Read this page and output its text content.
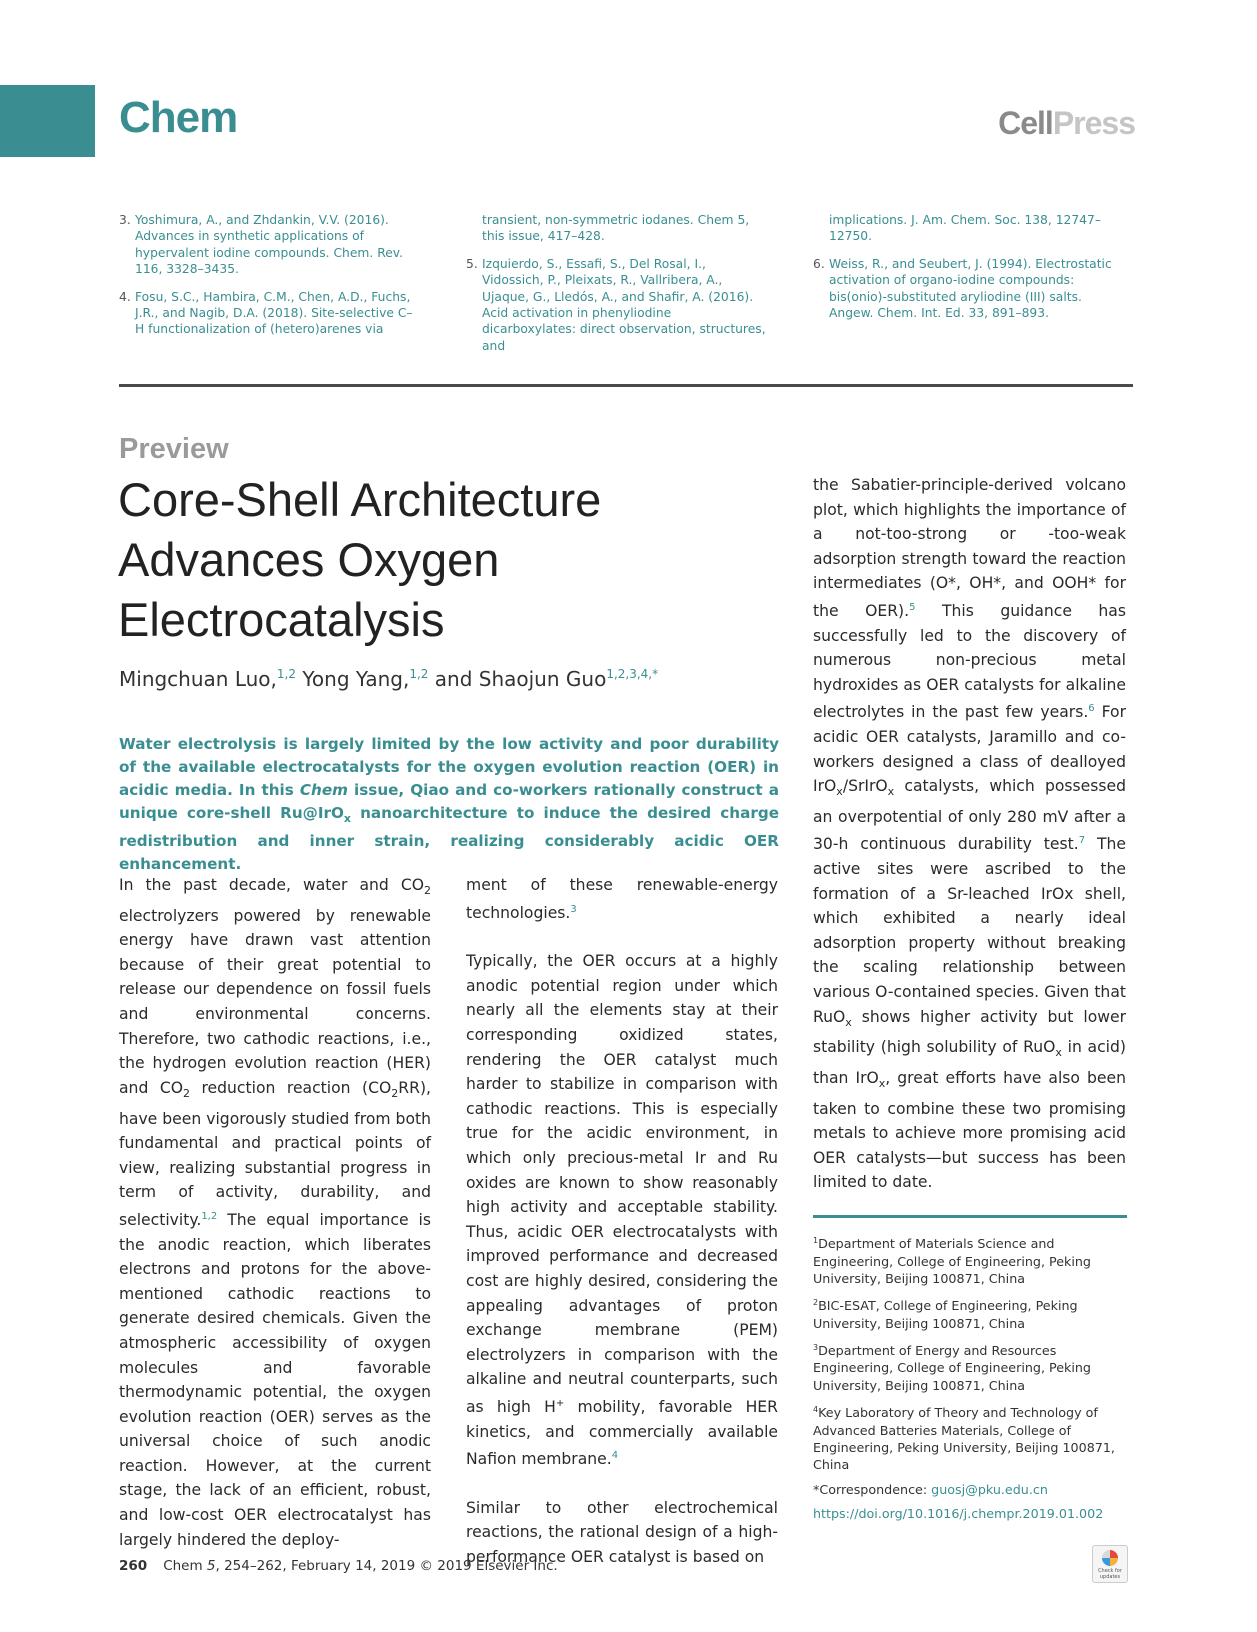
Chem	CellPress
3. Yoshimura, A., and Zhdankin, V.V. (2016). Advances in synthetic applications of hypervalent iodine compounds. Chem. Rev. 116, 3328–3435.
4. Fosu, S.C., Hambira, C.M., Chen, A.D., Fuchs, J.R., and Nagib, D.A. (2018). Site-selective C–H functionalization of (hetero)arenes via
transient, non-symmetric iodanes. Chem 5, this issue, 417–428.
5. Izquierdo, S., Essafi, S., Del Rosal, I., Vidossich, P., Pleixats, R., Vallribera, A., Ujaque, G., Lledós, A., and Shafir, A. (2016). Acid activation in phenyliodine dicarboxylates: direct observation, structures, and
implications. J. Am. Chem. Soc. 138, 12747–12750.
6. Weiss, R., and Seubert, J. (1994). Electrostatic activation of organo-iodine compounds: bis(onio)-substituted aryliodine (III) salts. Angew. Chem. Int. Ed. 33, 891–893.
Preview
Core-Shell Architecture Advances Oxygen Electrocatalysis
Mingchuan Luo,$^{1,2}$ Yong Yang,$^{1,2}$ and Shaojun Guo$^{1,2,3,4,*}$

Water electrolysis is largely limited by the low activity and poor durability of the available electrocatalysts for the oxygen evolution reaction (OER) in acidic media. In this Chem issue, Qiao and co-workers rationally construct a unique core-shell Ru@IrO$_x$ nanoarchitecture to induce the desired charge redistribution and inner strain, realizing considerably acidic OER enhancement.

In the past decade, water and $CO_2$ electrolyzers powered by renewable energy have drawn vast attention because of their great potential to release our dependence on fossil fuels and environmental concerns. Therefore, two cathodic reactions, i.e., the hydrogen evolution reaction (HER) and $CO_2$ reduction reaction $(CO_2RR)$, have been vigorously studied from both fundamental and practical points of view, realizing substantial progress in term of activity, durability, and selectivity.$^{1,2}$ The equal importance is the anodic reaction, which liberates electrons and protons for the above-mentioned cathodic reactions to generate desired chemicals. Given the atmospheric accessibility of oxygen molecules and favorable thermodynamic potential, the oxygen evolution reaction (OER) serves as the universal choice of such anodic reaction. However, at the current stage, the lack of an efficient, robust, and low-cost OER electrocatalyst has largely hindered the deploy-

ment of these renewable-energy technologies.$^3$

Typically, the OER occurs at a highly anodic potential region under which nearly all the elements stay at their corresponding oxidized states, rendering the OER catalyst much harder to stabilize in comparison with cathodic reactions. This is especially true for the acidic environment, in which only precious-metal Ir and Ru oxides are known to show reasonably high activity and acceptable stability. Thus, acidic OER electrocatalysts with improved performance and decreased cost are highly desired, considering the appealing advantages of proton exchange membrane (PEM) electrolyzers in comparison with the alkaline and neutral counterparts, such as high H+ mobility, favorable HER kinetics, and commercially available Nafion membrane.$^4$

Similar to other electrochemical reactions, the rational design of a high-performance OER catalyst is based on

the Sabatier-principle-derived volcano plot, which highlights the importance of a not-too-strong or -too-weak adsorption strength toward the reaction intermediates (O*, OH*, and OOH* for the OER).$^5$ This guidance has successfully led to the discovery of numerous non-precious metal hydroxides as OER catalysts for alkaline electrolytes in the past few years.$^6$ For acidic OER catalysts, Jaramillo and co-workers designed a class of dealloyed IrO$_x$/SrIrO$_x$ catalysts, which possessed an overpotential of only 280 mV after a 30-h continuous durability test.$^7$ The active sites were ascribed to the formation of a Sr-leached IrOx shell, which exhibited a nearly ideal adsorption property without breaking the scaling relationship between various O-contained species. Given that RuO$_x$ shows higher activity but lower stability (high solubility of RuO$_x$ in acid) than IrO$_x$, great efforts have also been taken to combine these two promising metals to achieve more promising acid OER catalysts—but success has been limited to date.

$^1$Department of Materials Science and Engineering, College of Engineering, Peking University, Beijing 100871, China
$^2$BIC-ESAT, College of Engineering, Peking University, Beijing 100871, China
$^3$Department of Energy and Resources Engineering, College of Engineering, Peking University, Beijing 100871, China
$^4$Key Laboratory of Theory and Technology of Advanced Batteries Materials, College of Engineering, Peking University, Beijing 100871, China
*Correspondence: guosj@pku.edu.cn
https://doi.org/10.1016/j.chempr.2019.01.002
260 Chem 5, 254–262, February 14, 2019 © 2019 Elsevier Inc.	Check for
updates
